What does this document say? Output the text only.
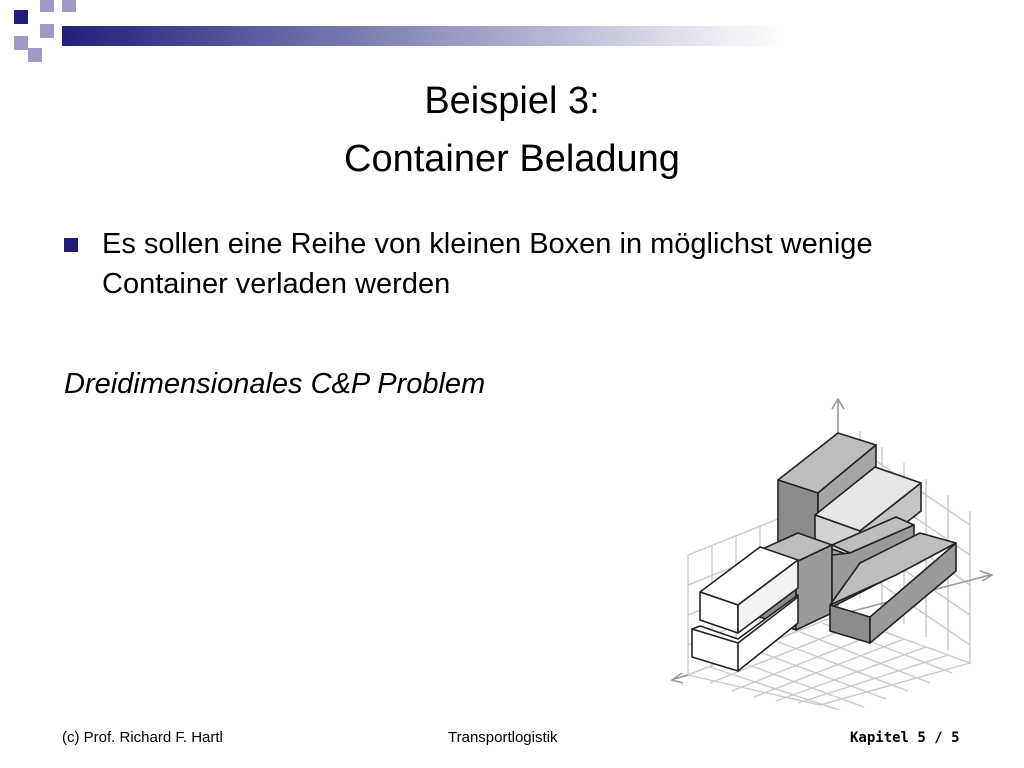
Beispiel 3:
Container Beladung
Es sollen eine Reihe von kleinen Boxen in möglichst wenige Container verladen werden
Dreidimensionales C&P Problem
(c) Prof. Richard F. Hartl	Transportlogistik	Kapitel 5 / 5
